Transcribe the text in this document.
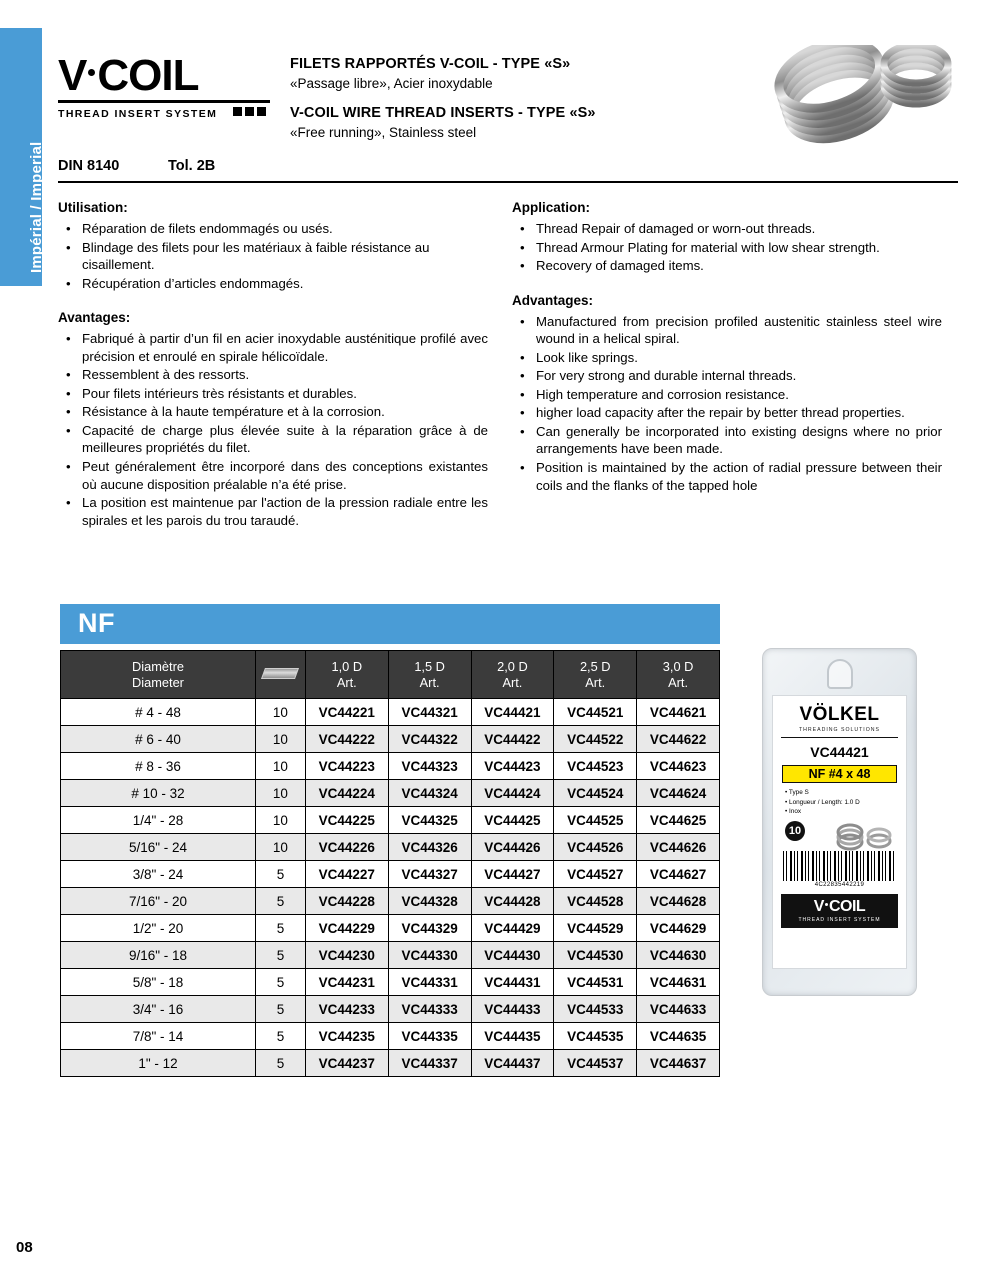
Impérial / Imperial
V COIL
THREAD INSERT SYSTEM
FILETS RAPPORTÉS V-COIL - TYPE «S»
«Passage libre», Acier inoxydable
V-COIL WIRE THREAD INSERTS - TYPE «S»
«Free running», Stainless steel
DIN 8140	Tol. 2B
Utilisation:
• Réparation de filets endommagés ou usés.
• Blindage des filets pour les matériaux à faible résistance au cisaillement.
• Récupération d’articles endommagés.
Avantages:
• Fabriqué à partir d’un fil en acier inoxydable austénitique profilé avec précision et enroulé en spirale hélicoïdale.
• Ressemblent à des ressorts.
• Pour filets intérieurs très résistants et durables.
• Résistance à la haute température et à la corrosion.
• Capacité de charge plus élevée suite à la réparation grâce à de meilleures propriétés du filet.
• Peut généralement être incorporé dans des conceptions existantes où aucune disposition préalable n’a été prise.
• La position est maintenue par l'action de la pression radiale entre les spirales et les parois du trou taraudé.
Application:
• Thread Repair of damaged or worn-out threads.
• Thread Armour Plating for material with low shear strength.
• Recovery of damaged items.
Advantages:
• Manufactured from precision profiled austenitic stainless steel wire wound in a helical spiral.
• Look like springs.
• For very strong and durable internal threads.
• High temperature and corrosion resistance.
• higher load capacity after the repair by better thread properties.
• Can generally be incorporated into existing designs where no prior arrangements have been made.
• Position is maintained by the action of radial pressure between their coils and the flanks of the tapped hole
NF
Diamètre
Diameter

1,0 D
Art.

1,5 D
Art.

2,0 D
Art.

2,5 D
Art.

3,0 D
Art.

# 4 - 48	10	VC44221	VC44321	VC44421	VC44521	VC44621
# 6 - 40	10	VC44222	VC44322	VC44422	VC44522	VC44622
# 8 - 36	10	VC44223	VC44323	VC44423	VC44523	VC44623
# 10 - 32	10	VC44224	VC44324	VC44424	VC44524	VC44624
1/4" - 28	10	VC44225	VC44325	VC44425	VC44525	VC44625
5/16" - 24	10	VC44226	VC44326	VC44426	VC44526	VC44626
3/8" - 24	5	VC44227	VC44327	VC44427	VC44527	VC44627
7/16" - 20	5	VC44228	VC44328	VC44428	VC44528	VC44628
1/2" - 20	5	VC44229	VC44329	VC44429	VC44529	VC44629
9/16" - 18	5	VC44230	VC44330	VC44430	VC44530	VC44630
5/8" - 18	5	VC44231	VC44331	VC44431	VC44531	VC44631
3/4" - 16	5	VC44233	VC44333	VC44433	VC44533	VC44633
7/8" - 14	5	VC44235	VC44335	VC44435	VC44535	VC44635
1" - 12	5	VC44237	VC44337	VC44437	VC44537	VC44637
VÖLKEL
THREADING SOLUTIONS
VC44421
NF #4 x 48
• Type S
• Longueur / Length: 1.0 D
• Inox
10
4C22835442219
V COIL
THREAD INSERT SYSTEM
08
